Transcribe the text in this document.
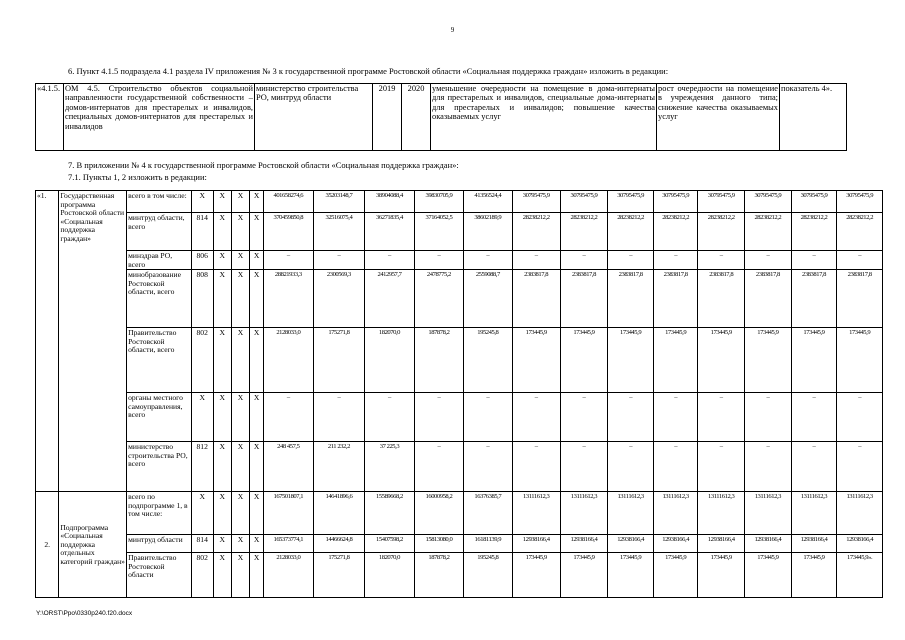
9
6. Пункт 4.1.5 подраздела 4.1 раздела IV приложения № 3 к государственной программе Ростовской области «Социальная поддержка граждан» изложить в редакции:
«4.1.5.	ОМ 4.5. Строительство объектов социальной направленности государственной собственности – домов-интернатов для престарелых и инвалидов, специальных домов-интернатов для престарелых и инвалидов	министерство строительства РО, минтруд области	2019	2020	уменьшение очередности на помещение в дома-интернаты для престарелых и инвалидов, специальные дома-интернаты для престарелых и инвалидов; повышение качества оказываемых услуг	рост очередности на помещение в учреждения данного типа; снижение качества оказываемых услуг	показатель 4».
7. В приложении № 4 к государственной программе Ростовской области «Социальная поддержка граждан»:
7.1. Пункты 1, 2 изложить в редакции:
«1.	Государственная программа Ростовской области «Социальная поддержка граждан»	всего в том числе:	X	X	X	X	401658274,6	35203148,7	38904088,4	39830705,9	41356524,4	30795475,9	30795475,9	30795475,9	30795475,9	30795475,9	30795475,9	30795475,9	30795475,9
		минтруд области, всего	814	X	X	X	370459850,8	32516075,4	36271835,4	37164052,5	38602189,9	28238212,2	28238212,2	28238212,2	28238212,2	28238212,2	28238212,2	28238212,2	28238212,2
		минздрав РО, всего	806	X	X	X	–	–	–	–	–	–	–	–	–	–	–	–	–
		минобразование Ростовской области, всего	808	X	X	X	28821933,3	2300569,3	2412957,7	2478775,2	2559088,7	2383817,8	2383817,8	2383817,8	2383817,8	2383817,8	2383817,8	2383817,8	2383817,8
		Правительство Ростовской области, всего	802	X	X	X	2128033,0	175271,8	182070,0	187878,2	195245,8	173445,9	173445,9	173445,9	173445,9	173445,9	173445,9	173445,9	173445,9
		органы местного самоуправления, всего	X	X	X	X	–	–	–	–	–	–	–	–	–	–	–	–	–
		министерство строительства РО, всего	812	X	X	X	248 457,5	211 232,2	37 225,3	–	–	–	–	–	–	–	–	–	–
2.	Подпрограмма «Социальная поддержка отдельных категорий граждан»	всего по подпрограмме 1, в том числе:	X	X	X	X	167501807,1	14641896,6	15589668,2	16000958,2	16376385,7	13111612,3	13111612,3	13111612,3	13111612,3	13111612,3	13111612,3	13111612,3	13111612,3
		минтруд области	814	X	X	X	165373774,1	14466624,8	15407598,2	15813080,0	16181139,9	12938166,4	12938166,4	12938166,4	12938166,4	12938166,4	12938166,4	12938166,4	12938166,4
		Правительство Ростовской области	802	X	X	X	2128033,0	175271,8	182070,0	187878,2	195245,8	173445,9	173445,9	173445,9	173445,9	173445,9	173445,9	173445,9	173445,9».
Y:\ORST\Ppo\0330p240.f20.docx
